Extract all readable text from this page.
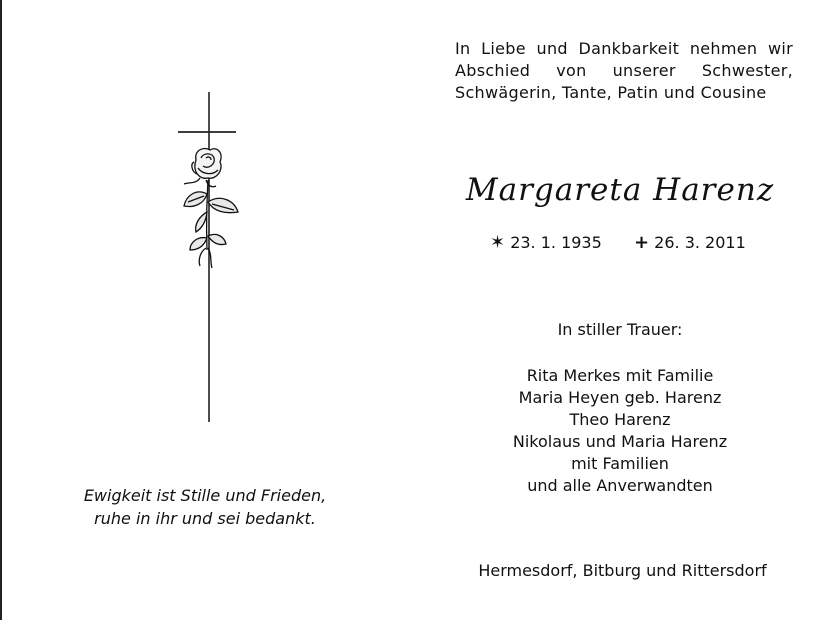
In Liebe und Dankbarkeit nehmen wir
Abschied von unserer Schwester,
Schwägerin, Tante, Patin und Cousine
Margareta Harenz
✶ 23. 1. 1935 + 26. 3. 2011
In stiller Trauer:
Rita Merkes mit Familie
Maria Heyen geb. Harenz
Theo Harenz
Nikolaus und Maria Harenz
mit Familien
und alle Anverwandten
Hermesdorf, Bitburg und Rittersdorf
Ewigkeit ist Stille und Frieden,
ruhe in ihr und sei bedankt.
